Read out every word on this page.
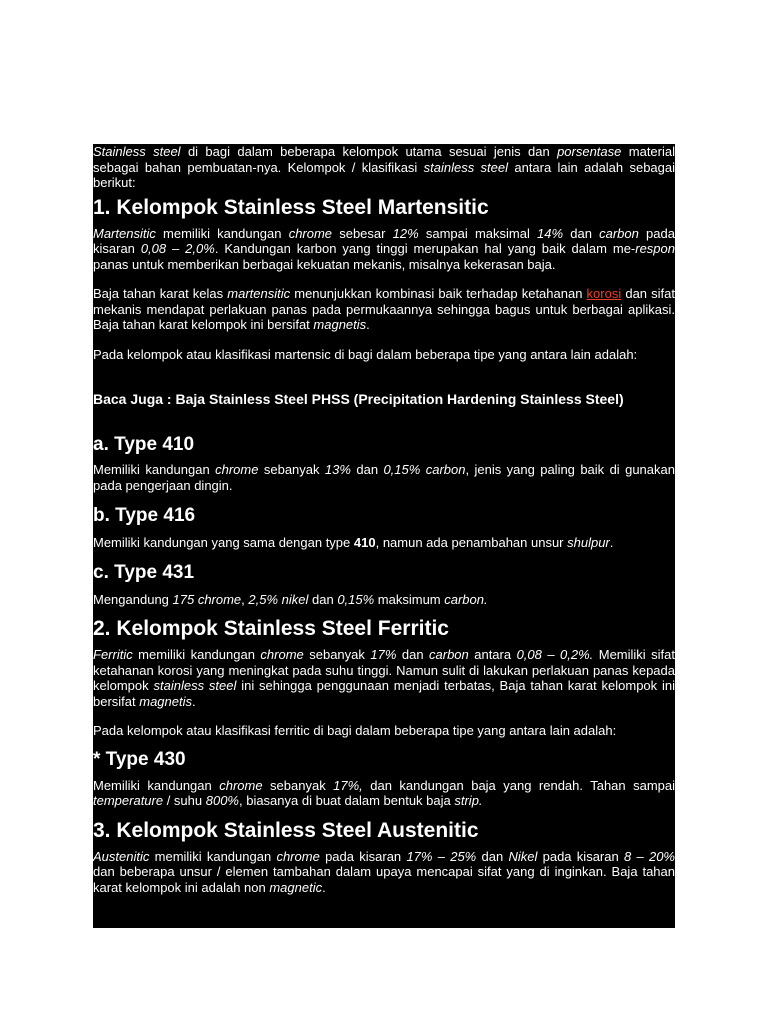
Stainless steel di bagi dalam beberapa kelompok utama sesuai jenis dan porsentase material sebagai bahan pembuatan-nya. Kelompok / klasifikasi stainless steel antara lain adalah sebagai berikut:

1. Kelompok Stainless Steel Martensitic

Martensitic memiliki kandungan chrome sebesar 12% sampai maksimal 14% dan carbon pada kisaran 0,08 – 2,0%. Kandungan karbon yang tinggi merupakan hal yang baik dalam me-respon panas untuk memberikan berbagai kekuatan mekanis, misalnya kekerasan baja.

Baja tahan karat kelas martensitic menunjukkan kombinasi baik terhadap ketahanan korosi dan sifat mekanis mendapat perlakuan panas pada permukaannya sehingga bagus untuk berbagai aplikasi. Baja tahan karat kelompok ini bersifat magnetis.

Pada kelompok atau klasifikasi martensic di bagi dalam beberapa tipe yang antara lain adalah:

Baca Juga : Baja Stainless Steel PHSS (Precipitation Hardening Stainless Steel)

a. Type 410

Memiliki kandungan chrome sebanyak 13% dan 0,15% carbon, jenis yang paling baik di gunakan pada pengerjaan dingin.

b. Type 416

Memiliki kandungan yang sama dengan type 410, namun ada penambahan unsur shulpur.

c. Type 431

Mengandung 175 chrome, 2,5% nikel dan 0,15% maksimum carbon.

2. Kelompok Stainless Steel Ferritic

Ferritic memiliki kandungan chrome sebanyak 17% dan carbon antara 0,08 – 0,2%. Memiliki sifat ketahanan korosi yang meningkat pada suhu tinggi. Namun sulit di lakukan perlakuan panas kepada kelompok stainless steel ini sehingga penggunaan menjadi terbatas, Baja tahan karat kelompok ini bersifat magnetis.

Pada kelompok atau klasifikasi ferritic di bagi dalam beberapa tipe yang antara lain adalah:

* Type 430

Memiliki kandungan chrome sebanyak 17%, dan kandungan baja yang rendah. Tahan sampai temperature / suhu 800%, biasanya di buat dalam bentuk baja strip.

3. Kelompok Stainless Steel Austenitic

Austenitic memiliki kandungan chrome pada kisaran 17% – 25% dan Nikel pada kisaran 8 – 20% dan beberapa unsur / elemen tambahan dalam upaya mencapai sifat yang di inginkan. Baja tahan karat kelompok ini adalah non magnetic.
